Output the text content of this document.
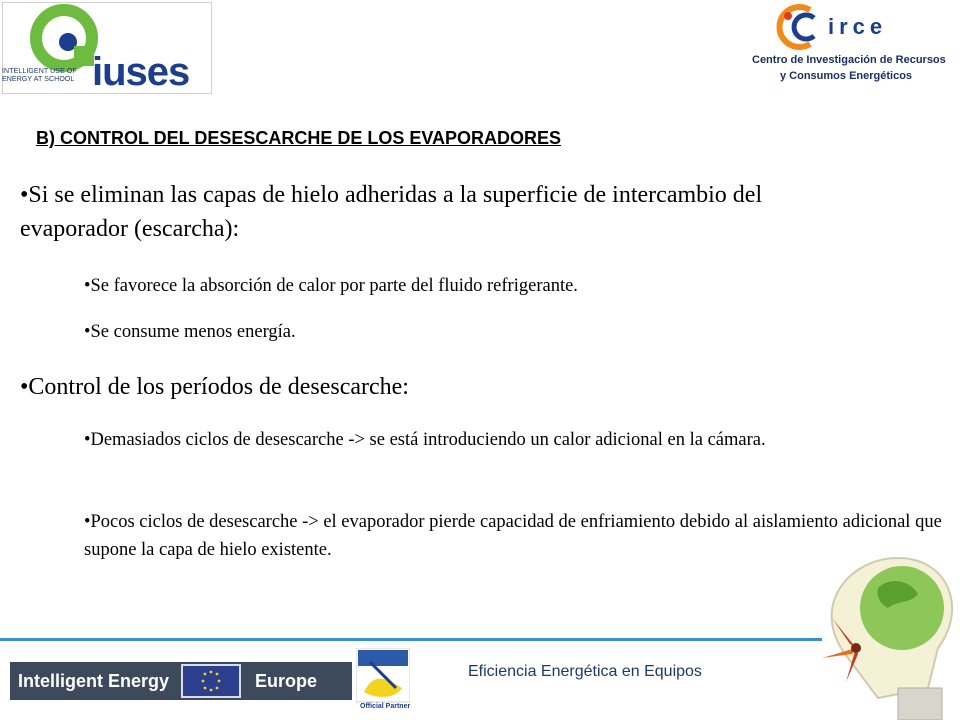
INTELLIGENT USE OF ENERGY AT SCHOOL iuses
irce
Centro de Investigación de Recursos
y Consumos Energéticos
B) CONTROL DEL DESESCARCHE DE LOS EVAPORADORES
•Si se eliminan las capas de hielo adheridas a la superficie de intercambio del evaporador (escarcha):
•Se favorece la absorción de calor por parte del fluido refrigerante.
•Se consume menos energía.
•Control de los períodos de desescarche:
•Demasiados ciclos de desescarche -> se está introduciendo un calor adicional en la cámara.
•Pocos ciclos de desescarche -> el evaporador pierde capacidad de enfriamiento debido al aislamiento adicional que supone la capa de hielo existente.
Intelligent Energy	Europe
Official Partner
Eficiencia Energética en Equipos
